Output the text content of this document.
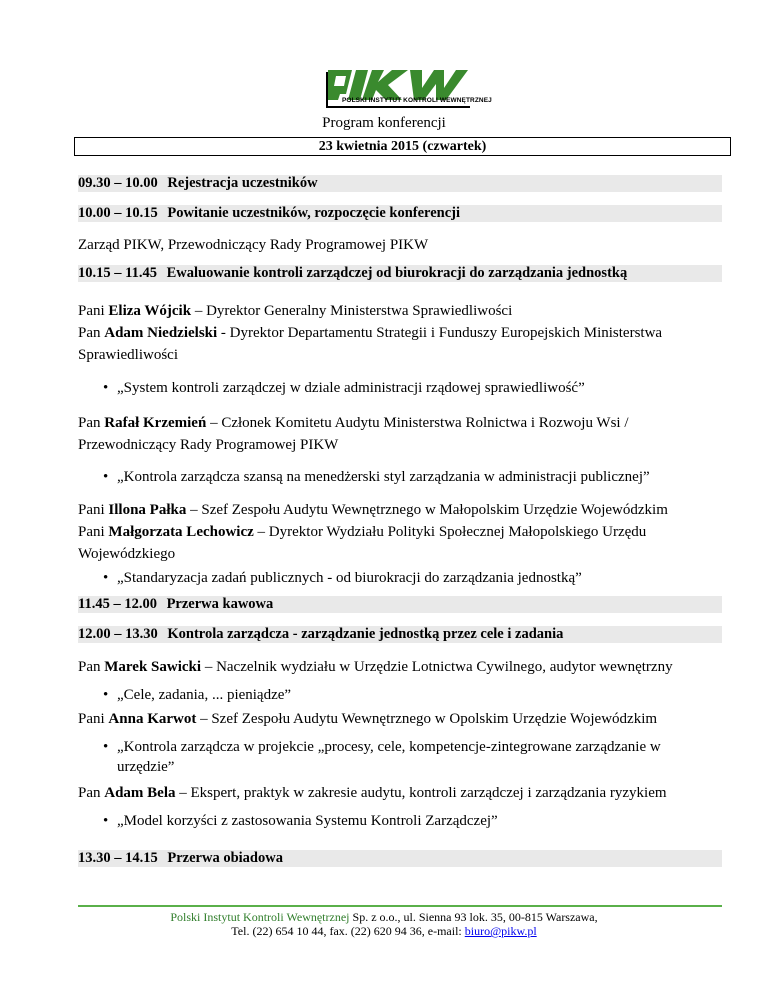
POLSKI INSTYTUT KONTROLI WEWNĘTRZNEJ
Program konferencji
23 kwietnia 2015 (czwartek)
09.30 – 10.00 Rejestracja uczestników
10.00 – 10.15 Powitanie uczestników, rozpoczęcie konferencji
Zarząd PIKW, Przewodniczący Rady Programowej PIKW
10.15 – 11.45 Ewaluowanie kontroli zarządczej od biurokracji do zarządzania jednostką
Pani Eliza Wójcik – Dyrektor Generalny Ministerstwa Sprawiedliwości
Pan Adam Niedzielski - Dyrektor Departamentu Strategii i Funduszy Europejskich Ministerstwa
Sprawiedliwości
• „System kontroli zarządczej w dziale administracji rządowej sprawiedliwość”
Pan Rafał Krzemień – Członek Komitetu Audytu Ministerstwa Rolnictwa i Rozwoju Wsi /
Przewodniczący Rady Programowej PIKW
• „Kontrola zarządcza szansą na menedżerski styl zarządzania w administracji publicznej”
Pani Illona Pałka – Szef Zespołu Audytu Wewnętrznego w Małopolskim Urzędzie Wojewódzkim
Pani Małgorzata Lechowicz – Dyrektor Wydziału Polityki Społecznej Małopolskiego Urzędu
Wojewódzkiego
• „Standaryzacja zadań publicznych - od biurokracji do zarządzania jednostką”
11.45 – 12.00 Przerwa kawowa
12.00 – 13.30 Kontrola zarządcza - zarządzanie jednostką przez cele i zadania
Pan Marek Sawicki – Naczelnik wydziału w Urzędzie Lotnictwa Cywilnego, audytor wewnętrzny
• „Cele, zadania, ... pieniądze”
Pani Anna Karwot – Szef Zespołu Audytu Wewnętrznego w Opolskim Urzędzie Wojewódzkim
• „Kontrola zarządcza w projekcie „procesy, cele, kompetencje-zintegrowane zarządzanie w
urzędzie”
Pan Adam Bela – Ekspert, praktyk w zakresie audytu, kontroli zarządczej i zarządzania ryzykiem
• „Model korzyści z zastosowania Systemu Kontroli Zarządczej”
13.30 – 14.15 Przerwa obiadowa
Polski Instytut Kontroli Wewnętrznej Sp. z o.o., ul. Sienna 93 lok. 35, 00-815 Warszawa,
Tel. (22) 654 10 44, fax. (22) 620 94 36, e-mail: biuro@pikw.pl
